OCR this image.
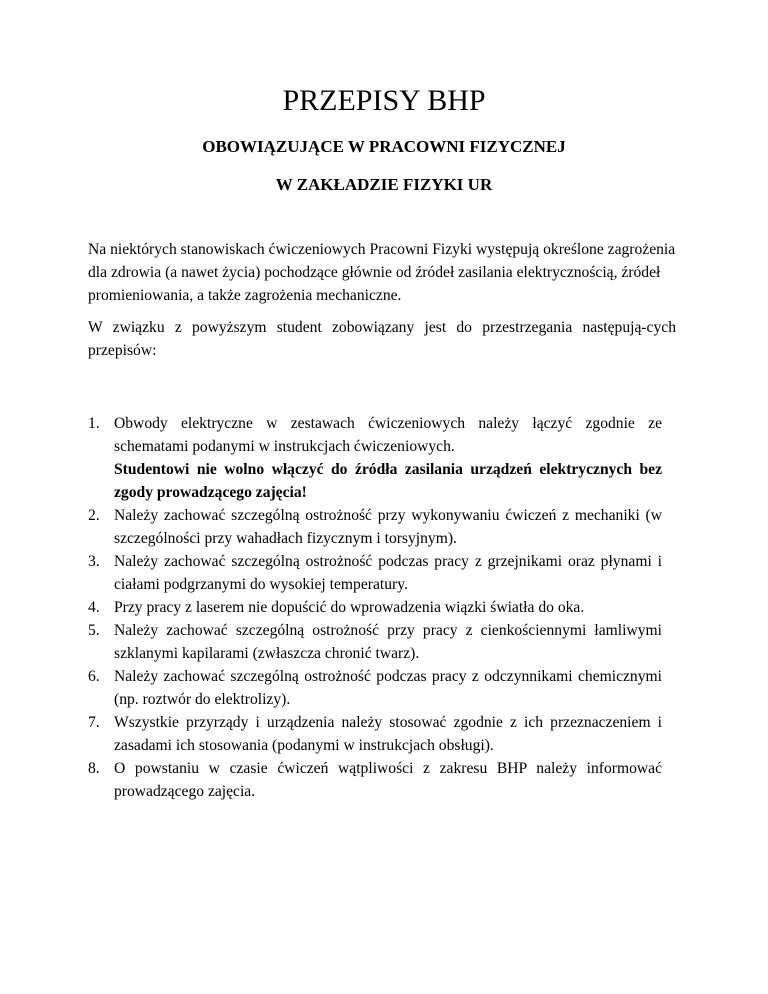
PRZEPISY BHP
OBOWIĄZUJĄCE W PRACOWNI FIZYCZNEJ
W ZAKŁADZIE FIZYKI UR

Na niektórych stanowiskach ćwiczeniowych Pracowni Fizyki występują określone zagrożenia dla zdrowia (a nawet życia) pochodzące głównie od źródeł zasilania elektrycznością, źródeł promieniowania, a także zagrożenia mechaniczne.

W związku z powyższym student zobowiązany jest do przestrzegania następują-cych przepisów:

1. Obwody elektryczne w zestawach ćwiczeniowych należy łączyć zgodnie ze schematami podanymi w instrukcjach ćwiczeniowych.
Studentowi nie wolno włączyć do źródła zasilania urządzeń elektrycznych bez zgody prowadzącego zajęcia!
2. Należy zachować szczególną ostrożność przy wykonywaniu ćwiczeń z mechaniki (w szczególności przy wahadłach fizycznym i torsyjnym).
3. Należy zachować szczególną ostrożność podczas pracy z grzejnikami oraz płynami i ciałami podgrzanymi do wysokiej temperatury.
4. Przy pracy z laserem nie dopuścić do wprowadzenia wiązki światła do oka.
5. Należy zachować szczególną ostrożność przy pracy z cienkościennymi łamliwymi szklanymi kapilarami (zwłaszcza chronić twarz).
6. Należy zachować szczególną ostrożność podczas pracy z odczynnikami chemicznymi (np. roztwór do elektrolizy).
7. Wszystkie przyrządy i urządzenia należy stosować zgodnie z ich przeznaczeniem i zasadami ich stosowania (podanymi w instrukcjach obsługi).
8. O powstaniu w czasie ćwiczeń wątpliwości z zakresu BHP należy informować prowadzącego zajęcia.
